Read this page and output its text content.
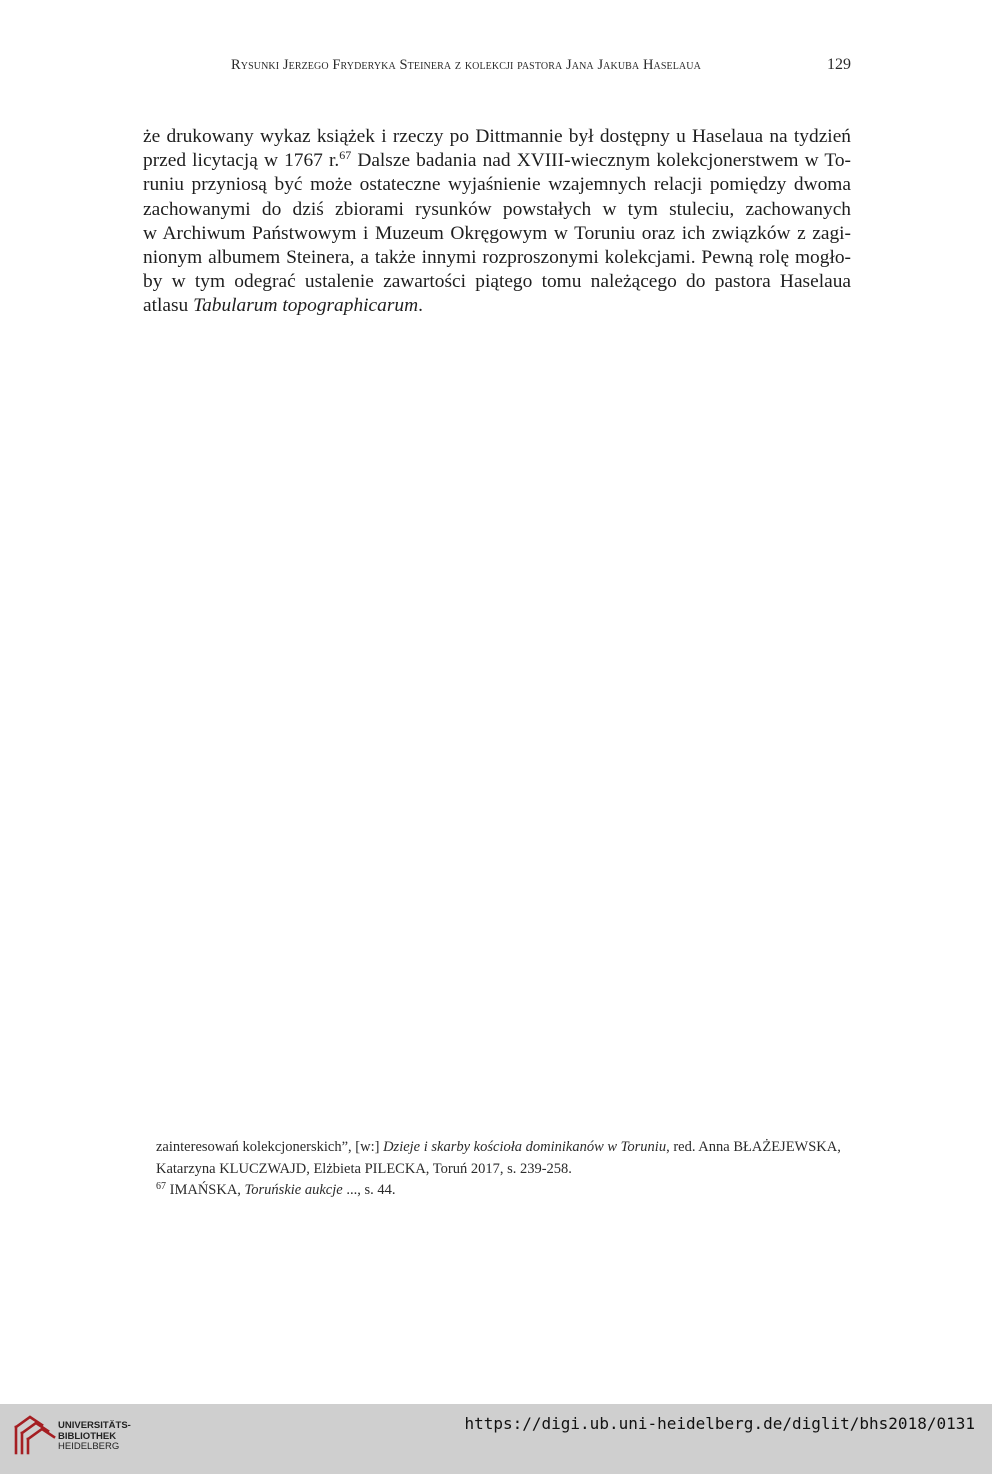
Rysunki Jerzego Fryderyka Steinera z kolekcji pastora Jana Jakuba Haselaua	129
że drukowany wykaz książek i rzeczy po Dittmannie był dostępny u Haselaua na tydzień
przed licytacją w 1767 r.$^{67}$ Dalsze badania nad XVIII-wiecznym kolekcjonerstwem w To-
runiu przyniosą być może ostateczne wyjaśnienie wzajemnych relacji pomiędzy dwoma
zachowanymi do dziś zbiorami rysunków powstałych w tym stuleciu, zachowanych
w Archiwum Państwowym i Muzeum Okręgowym w Toruniu oraz ich związków z zagi-
nionym albumem Steinera, a także innymi rozproszonymi kolekcjami. Pewną rolę mogło-
by w tym odegrać ustalenie zawartości piątego tomu należącego do pastora Haselaua
atlasu Tabularum topographicarum.
zainteresowań kolekcjonerskich”, [w:] Dzieje i skarby kościoła dominikanów w Toruniu, red. Anna BŁAŻEJEWSKA,
Katarzyna KLUCZWAJD, Elżbieta PILECKA, Toruń 2017, s. 239-258.
$^{67}$ IMAŃSKA, Toruńskie aukcje ..., s. 44.
UNIVERSITÄTS-
BIBLIOTHEK
HEIDELBERG
https://digi.ub.uni-heidelberg.de/diglit/bhs2018/0131
